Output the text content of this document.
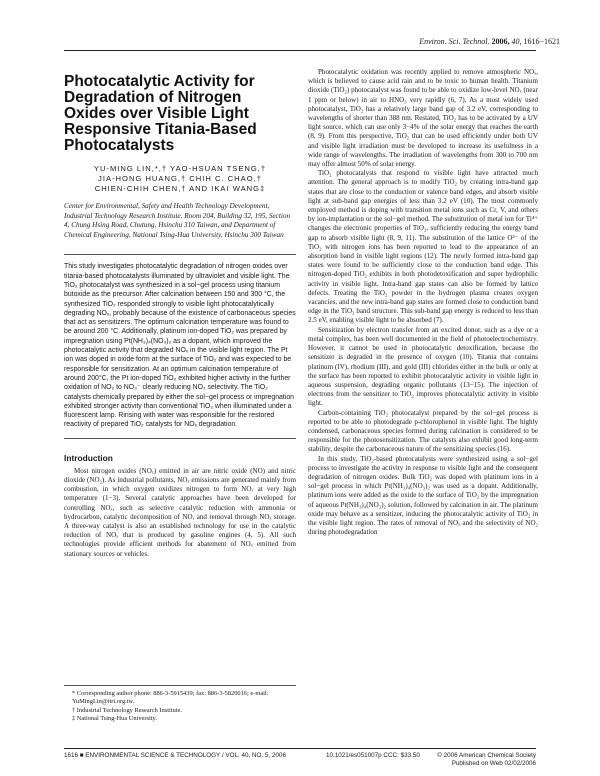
Environ. Sci. Technol. 2006, 40, 1616−1621
Photocatalytic Activity for Degradation of Nitrogen Oxides over Visible Light Responsive Titania-Based Photocatalysts
YU-MING LIN,*,† YAO-HSUAN TSENG,†
JIA-HONG HUANG,† CHIH C. CHAO,†
CHIEN-CHIH CHEN,† AND IKAI WANG‡

Center for Environmental, Safety and Health Technology Development, Industrial Technology Research Institute, Room 204, Building 32, 195, Section 4, Chung Hsing Road, Chutung, Hsinchu 310 Taiwan, and Department of Chemical Engineering, National Tsing-Hua University, Hsinchu 300 Taiwan

This study investigates photocatalytic degradation of nitrogen oxides over titania-based photocatalysts illuminated by ultraviolet and visible light. The TiO₂ photocatalyst was synthesized in a sol−gel process using titanium butoxide as the precursor. After calcination between 150 and 300 °C, the synthesized TiO₂ responded strongly to visible light photocatalytically degrading NOₓ, probably because of the existence of carbonaceous species that act as sensitizers. The optimum calcination temperature was found to be around 200 °C. Additionally, platinum ion-doped TiO₂ was prepared by impregnation using Pt(NH₃)₄(NO₃)₂ as a dopant, which improved the photocatalytic activity that degraded NOₓ in the visible light region. The Pt ion was doped in oxide form at the surface of TiO₂ and was expected to be responsible for sensitization. At an optimum calcination temperature of around 200°C, the Pt ion-doped TiO₂ exhibited higher activity in the further oxidation of NO₂ to NO₃⁻ clearly reducing NO₂ selectivity. The TiO₂ catalysts chemically prepared by either the sol−gel process or impregnation exhibited stronger activity than conventional TiO₂ when illuminated under a fluorescent lamp. Rinsing with water was responsible for the restored reactivity of prepared TiO₂ catalysts for NOₓ degradation.

Introduction

Most nitrogen oxides (NOₓ) emitted in air are nitric oxide (NO) and nitric dioxide (NO₂). As industrial pollutants, NOₓ emissions are generated mainly from combustion, in which oxygen oxidizes nitrogen to form NOₓ at very high temperature (1−3). Several catalytic approaches have been developed for controlling NOₓ, such as selective catalytic reduction with ammonia or hydrocarbon, catalytic decomposition of NO, and removal through NOₓ storage. A three-way catalyst is also an established technology for use in the catalytic reduction of NOₓ that is produced by gasoline engines (4, 5). All such technologies provide efficient methods for abatement of NOₓ emitted from stationary sources or vehicles.

Photocatalytic oxidation was recently applied to remove atmospheric NOₓ, which is believed to cause acid rain and to be toxic to human health. Titanium dioxide (TiO₂) photocatalyst was found to be able to oxidize low-level NOₓ (near 1 ppm or below) in air to HNO₃ very rapidly (6, 7). As a most widely used photocatalyst, TiO₂ has a relatively large band gap of 3.2 eV, corresponding to wavelengths of shorter than 388 nm. Restated, TiO₂ has to be activated by a UV light source, which can use only 3−4% of the solar energy that reaches the earth (8, 9). From this perspective, TiO₂ that can be used efficiently under both UV and visible light irradiation must be developed to increase its usefulness in a wide range of wavelengths. The irradiation of wavelengths from 300 to 700 nm may offer almost 50% of solar energy.

TiO₂ photocatalysts that respond to visible light have attracted much attention. The general approach is to modify TiO₂ by creating intra-band gap states that are close to the conduction or valence band edges, and absorb visible light at sub-band gap energies of less than 3.2 eV (10). The most commonly employed method is doping with transition metal ions such as Cr, V, and others by ion-implantation or the sol−gel method. The substitution of metal ion for Ti⁴⁺ changes the electronic properties of TiO₂, sufficiently reducing the energy band gap to absorb visible light (8, 9, 11). The substitution of the lattice O²⁻ of the TiO₂ with nitrogen ions has been reported to lead to the appearance of an absorption band in visible light regions (12). The newly formed intra-band gap states were found to be sufficiently close to the conduction band edge. This nitrogen-doped TiO₂ exhibits in both photodetoxification and super hydrophilic activity in visible light. Intra-band gap states can also be formed by lattice defects. Treating the TiO₂ powder in the hydrogen plasma creates oxygen vacancies, and the new intra-band gap states are formed close to conduction band edge in the TiO₂ band structure. This sub-band gap energy is reduced to less than 2.5 eV, enabling visible light to be absorbed (7).

Sensitization by electron transfer from an excited donor, such as a dye or a metal complex, has been well documented in the field of photoelectrochemistry. However, it cannot be used in photocatalytic detoxification, because the sensitizer is degraded in the presence of oxygen (10). Titania that contains platinum (IV), rhodium (III), and gold (III) chlorides either in the bulk or only at the surface has been reported to exhibit photocatalytic activity in visible light in aqueous suspension, degrading organic pollutants (13−15). The injection of electrons from the sensitizer to TiO₂ improves photocatalytic activity in visible light.

Carbon-containing TiO₂ photocatalyst prepared by the sol−gel process is reported to be able to photodegrade p-chlorophenol in visible light. The highly condensed, carbonaceous species formed during calcination is considered to be responsible for the photosensitization. The catalysts also exhibit good long-term stability, despite the carbonaceous nature of the sensitizing species (16).

In this study, TiO₂-based photocatalysts were synthesized using a sol−gel process to investigate the activity in response to visible light and the consequent degradation of nitrogen oxides. Bulk TiO₂ was doped with platinum ions in a sol−gel process in which Pt(NH₃)₄(NO₃)₂ was used as a dopant. Additionally, platinum ions were added as the oxide to the surface of TiO₂ by the impregnation of aqueous Pt(NH₃)₄(NO₃)₂ solution, followed by calcination in air. The platinum oxide may behave as a sensitizer, inducing the photocatalytic activity of TiO₂ in the visible light region. The rates of removal of NOₓ and the selectivity of NO₂ during photodegradation

* Corresponding author phone: 886-3-5915439; fax: 886-3-5820016; e-mail: YuMingLin@itri.org.tw.

† Industrial Technology Research Institute.

‡ National Tsing-Hua University.

1616 ■ ENVIRONMENTAL SCIENCE & TECHNOLOGY / VOL. 40, NO. 5, 2006	10.1021/es051007p CCC: $33.50	© 2006 American Chemical Society
Published on Web 02/02/2006
